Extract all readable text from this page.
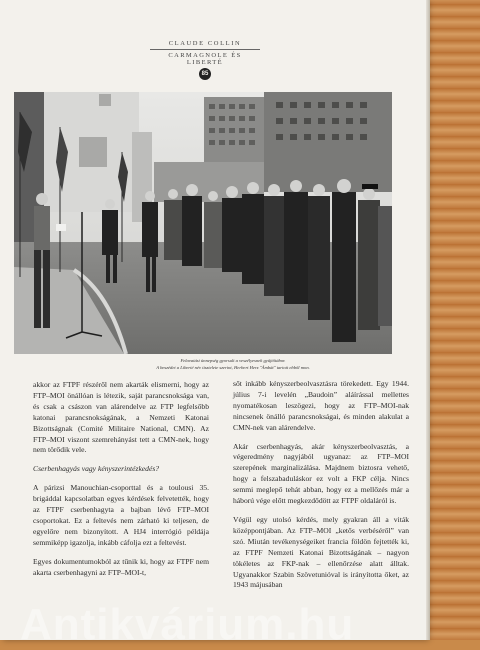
CLAUDE COLLIN
CARMAGNOLE ÉS LIBERTÉ
85
Felavatási ünnepség gyorsult a veszélyesnek gyűjtőtábor.
A beszédet a Liberté név tisztelete szerint, Herbert Herz "Ámbát" tartott ebből mon.

akkor az FTPF részéről nem akarták elismerni, hogy az FTP–MOI önállóan is létezik, saját parancsnoksága van, és csak a császon van alárendelve az FTP legfelsőbb katonai parancsnokságának, a Nemzeti Katonai Bizottságnak (Comité Militaire National, CMN). Az FTP–MOI viszont szemrehányást tett a CMN-nek, hogy nem törődik vele.

Cserbenhagyás vagy kényszerintézkedés?

A párizsi Manouchian-csoporttal és a toulousi 35. brigáddal kapcsolatban egyes kérdések felvetették, hogy az FTPF cserbenhagyta a bajban lévő FTP–MOI csoportokat. Ez a feltevés nem zárható ki teljesen, de egyelőre nem bizonyított. A HJ4 interrógió példája semmiképp igazolja, inkább cáfolja ezt a feltevést.

Egyes dokumentumokból az tűnik ki, hogy az FTPF nem akarta cserbenhagyni az FTP–MOI-t,

sőt inkább kényszerbeolvasztásra törekedett. Egy 1944. július 7-i levelén „Baudoin” aláírással mellettes nyomatékosan leszögezi, hogy az FTP–MOI-nak nincsenek önálló parancsnokságai, és minden alakulat a CMN-nek van alárendelve.

Akár cserbenhagyás, akár kényszerbeolvasztás, a végeredmény nagyjából ugyanaz: az FTP–MOI szerepének marginalizálása. Majdnem biztosra vehető, hogy a felszabaduláskor ez volt a FKP célja. Nincs semmi meglepő tehát abban, hogy ez a mellőzés már a háború vége előtt megkezdődött az FTPF oldaláról is.

Végül egy utolsó kérdés, mely gyakran áll a viták középpontjában. Az FTP–MOI „ketős verbéséről” van szó. Miután tevékenységeiket francia földön fejtették ki, az FTPF Nemzeti Katonai Bizottságának – nagyon tökéletes az FKP-nak – ellenőrzése alatt álltak. Ugyanakkor Szabin Szövetunióval is irányította őket, az 1943 májusában

Antikvárium.hu
